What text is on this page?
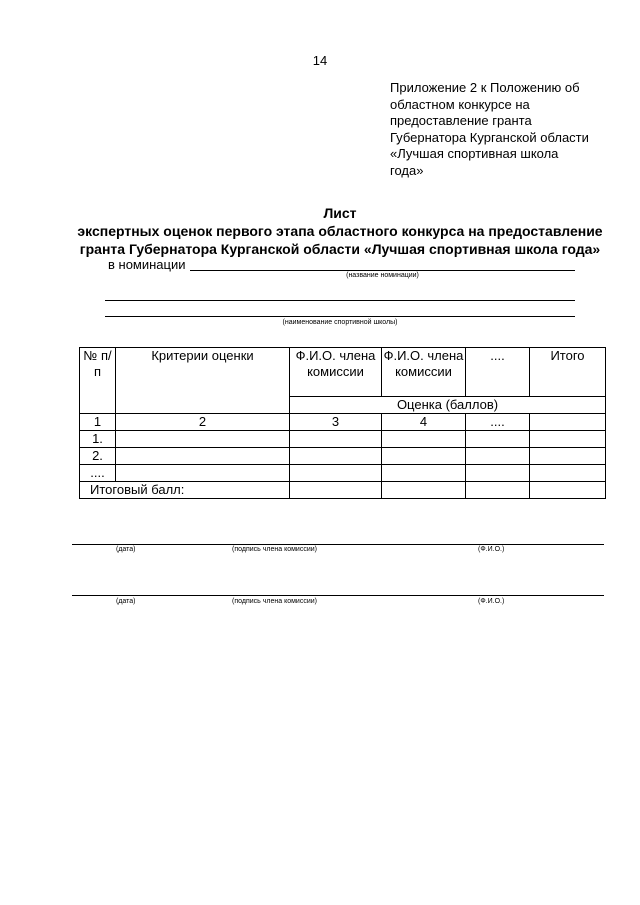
14
Приложение 2 к Положению об
областном конкурсе на
предоставление гранта
Губернатора Курганской области
«Лучшая спортивная школа
года»
Лист
экспертных оценок первого этапа областного конкурса на предоставление
гранта Губернатора Курганской области «Лучшая спортивная школа года»
в номинации
(название номинации)
(наименование спортивной школы)
№ п/п	Критерии оценки	Ф.И.О. члена комиссии	Ф.И.О. члена комиссии	....	Итого
		Оценка (баллов)			
1	2	3	4	....	
1.					
2.					
....					
Итоговый балл:					
(дата)	(подпись члена комиссии)	(Ф.И.О.)
(дата)	(подпись члена комиссии)	(Ф.И.О.)
